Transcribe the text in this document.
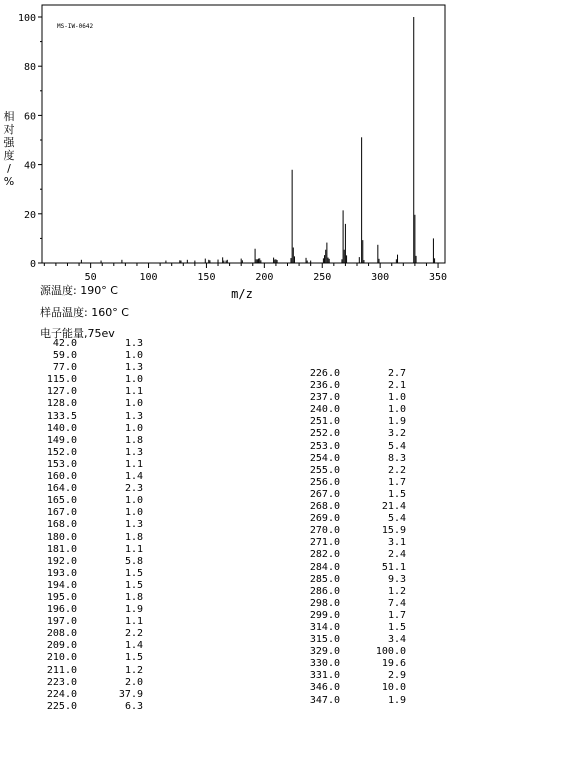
0
20
40
60
80
100
50	100	150	200	250	300	350
MS-IW-0642
m/z
相
对
强
度
/
%
源温度: 190° C
样品温度: 160° C
电子能量,75ev
42.0	1.3
59.0	1.0
77.0	1.3
115.0	1.0
127.0	1.1
128.0	1.0
133.5	1.3
140.0	1.0
149.0	1.8
152.0	1.3
153.0	1.1
160.0	1.4
164.0	2.3
165.0	1.0
167.0	1.0
168.0	1.3
180.0	1.8
181.0	1.1
192.0	5.8
193.0	1.5
194.0	1.5
195.0	1.8
196.0	1.9
197.0	1.1
208.0	2.2
209.0	1.4
210.0	1.5
211.0	1.2
223.0	2.0
224.0	37.9
225.0	6.3
226.0	2.7
236.0	2.1
237.0	1.0
240.0	1.0
251.0	1.9
252.0	3.2
253.0	5.4
254.0	8.3
255.0	2.2
256.0	1.7
267.0	1.5
268.0	21.4
269.0	5.4
270.0	15.9
271.0	3.1
282.0	2.4
284.0	51.1
285.0	9.3
286.0	1.2
298.0	7.4
299.0	1.7
314.0	1.5
315.0	3.4
329.0	100.0
330.0	19.6
331.0	2.9
346.0	10.0
347.0	1.9
